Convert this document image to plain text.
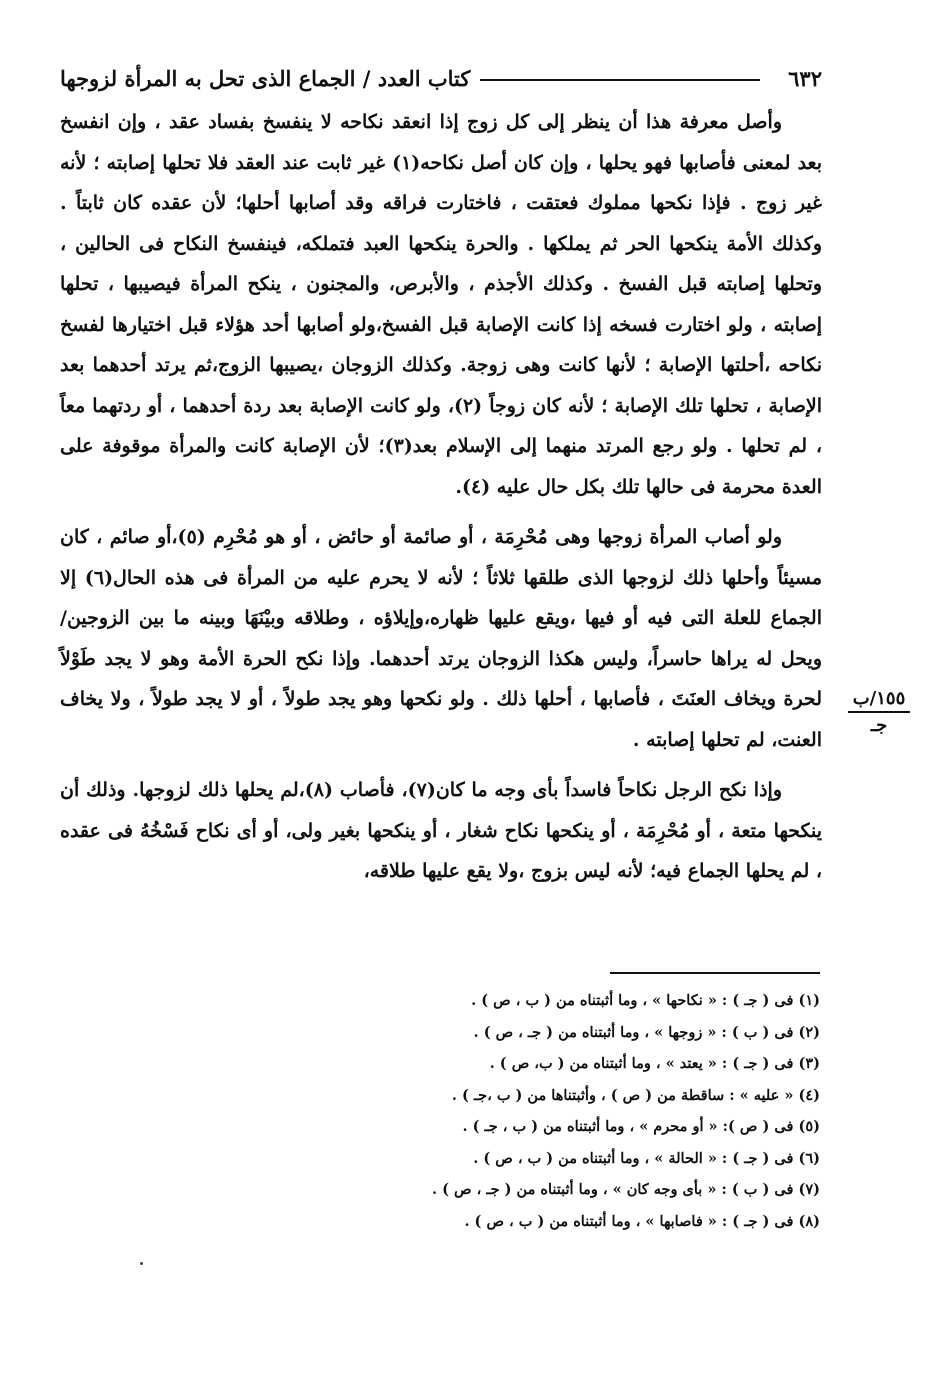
٦٣٢
كتاب العدد / الجماع الذى تحل به المرأة لزوجها

وأصل معرفة هذا أن ينظر إلى كل زوج إذا انعقد نكاحه لا ينفسخ بفساد عقد ، وإن انفسخ بعد لمعنى فأصابها فهو يحلها ، وإن كان أصل نكاحه(١) غير ثابت عند العقد فلا تحلها إصابته ؛ لأنه غير زوج . فإذا نكحها مملوك فعتقت ، فاختارت فراقه وقد أصابها أحلها؛ لأن عقده كان ثابتاً . وكذلك الأمة ينكحها الحر ثم يملكها . والحرة ينكحها العبد فتملكه، فينفسخ النكاح فى الحالين ، وتحلها إصابته قبل الفسخ . وكذلك الأجذم ، والأبرص، والمجنون ، ينكح المرأة فيصيبها ، تحلها إصابته ، ولو اختارت فسخه إذا كانت الإصابة قبل الفسخ،ولو أصابها أحد هؤلاء قبل اختيارها لفسخ نكاحه ،أحلتها الإصابة ؛ لأنها كانت وهى زوجة. وكذلك الزوجان ،يصيبها الزوج،ثم يرتد أحدهما بعد الإصابة ، تحلها تلك الإصابة ؛ لأنه كان زوجاً (٢)، ولو كانت الإصابة بعد ردة أحدهما ، أو ردتهما معاً ، لم تحلها . ولو رجع المرتد منهما إلى الإسلام بعد(٣)؛ لأن الإصابة كانت والمرأة موقوفة على العدة محرمة فى حالها تلك بكل حال عليه (٤).

ولو أصاب المرأة زوجها وهى مُحْرِمَة ، أو صائمة أو حائض ، أو هو مُحْرِم (٥)،أو صائم ، كان مسيئاً وأحلها ذلك لزوجها الذى طلقها ثلاثاً ؛ لأنه لا يحرم عليه من المرأة فى هذه الحال(٦) إلا الجماع للعلة التى فيه أو فيها ،ويقع عليها ظهاره،وإيلاؤه ، وطلاقه وبيْنَهَا وبينه ما بين الزوجين/ ويحل له يراها حاسراً، وليس هكذا الزوجان يرتد أحدهما. وإذا نكح الحرة الأمة وهو لا يجد طَوْلاً لحرة ويخاف العنَتَ ، فأصابها ، أحلها ذلك . ولو نكحها وهو يجد طولاً ، أو لا يجد طولاً ، ولا يخاف العنت، لم تحلها إصابته .

وإذا نكح الرجل نكاحاً فاسداً بأى وجه ما كان(٧)، فأصاب (٨)،لم يحلها ذلك لزوجها. وذلك أن ينكحها متعة ، أو مُحْرِمَة ، أو ينكحها نكاح شغار ، أو ينكحها بغير ولى، أو أى نكاح فَسْخُهُ فى عقده ، لم يحلها الجماع فيه؛ لأنه ليس بزوج ،ولا يقع عليها طلاقه،

١٥٥/ب
جـ
(١) فى ( جـ ) : « نكاحها » ، وما أثبتناه من ( ب ، ص ) .
(٢) فى ( ب ) : « زوجها » ، وما أثبتناه من ( جـ ، ص ) .
(٣) فى ( جـ ) : « يعتد » ، وما أثبتناه من ( ب، ص ) .
(٤) « عليه » : ساقطة من ( ص ) ، وأثبتناها من ( ب ،جـ ) .
(٥) فى ( ص ): « أو محرم » ، وما أثبتناه من ( ب ، جـ ) .
(٦) فى ( جـ ) : « الحالة » ، وما أثبتناه من ( ب ، ص ) .
(٧) فى ( ب ) : « بأى وجه كان » ، وما أثبتناه من ( جـ ، ص ) .
(٨) فى ( جـ ) : « فاصابها » ، وما أثبتناه من ( ب ، ص ) .
